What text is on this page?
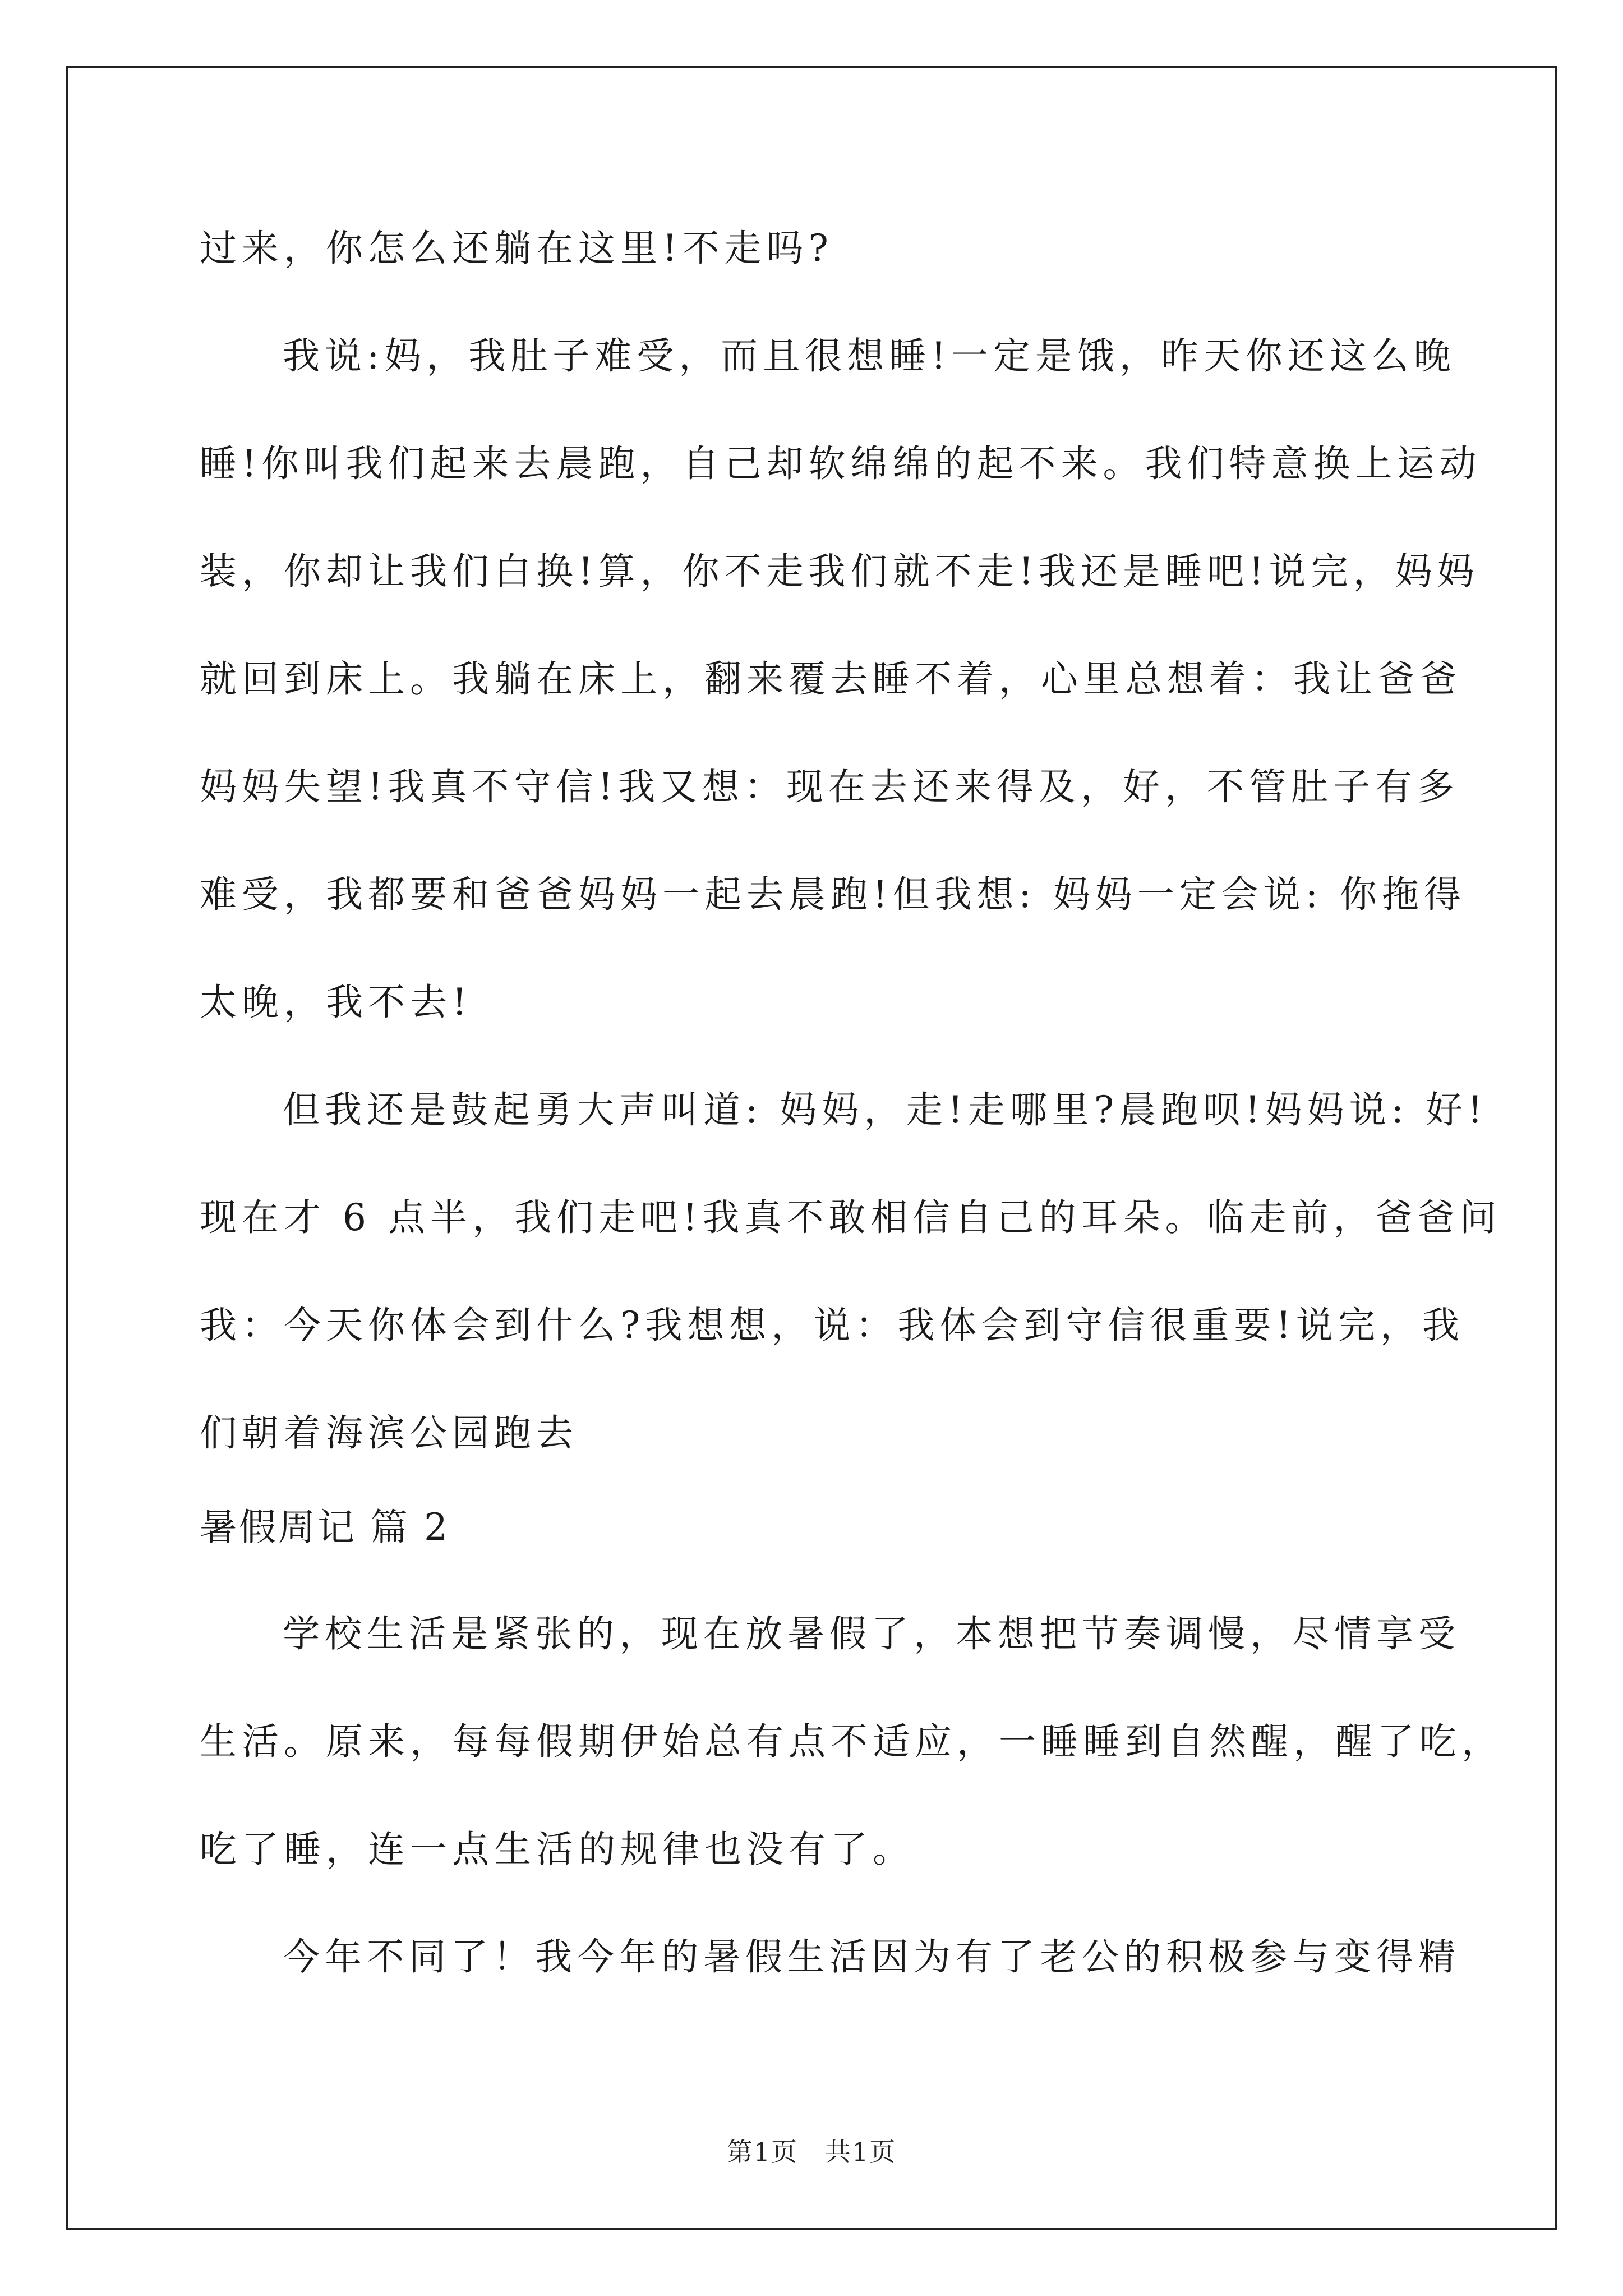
过来，你怎么还躺在这里!不走吗?
我说:妈，我肚子难受，而且很想睡!一定是饿，昨天你还这么晚
睡!你叫我们起来去晨跑，自己却软绵绵的起不来。我们特意换上运动
装，你却让我们白换!算，你不走我们就不走!我还是睡吧!说完，妈妈
就回到床上。我躺在床上，翻来覆去睡不着，心里总想着：我让爸爸
妈妈失望!我真不守信!我又想：现在去还来得及，好，不管肚子有多
难受，我都要和爸爸妈妈一起去晨跑!但我想: 妈妈一定会说: 你拖得
太晚，我不去!
但我还是鼓起勇大声叫道: 妈妈，走!走哪里?晨跑呗!妈妈说: 好!
现在才 6 点半，我们走吧!我真不敢相信自己的耳朵。临走前，爸爸问
我：今天你体会到什么?我想想，说：我体会到守信很重要!说完，我
们朝着海滨公园跑去
暑假周记 篇 2
学校生活是紧张的，现在放暑假了，本想把节奏调慢，尽情享受
生活。原来，每每假期伊始总有点不适应，一睡睡到自然醒，醒了吃，
吃了睡，连一点生活的规律也没有了。
今年不同了！我今年的暑假生活因为有了老公的积极参与变得精
第1页　共1页
